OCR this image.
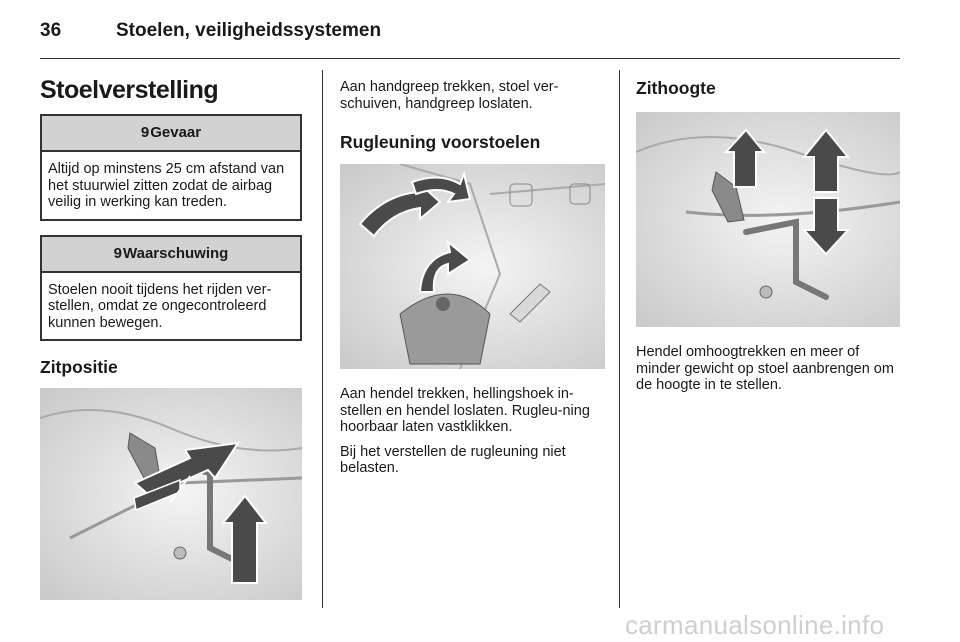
36	Stoelen, veiligheidssystemen
Stoelverstelling
9Gevaar
Altijd op minstens 25 cm afstand van het stuurwiel zitten zodat de airbag veilig in werking kan treden.
9Waarschuwing
Stoelen nooit tijdens het rijden ver-stellen, omdat ze ongecontroleerd kunnen bewegen.
Zitpositie

Aan handgreep trekken, stoel ver-schuiven, handgreep loslaten.

Rugleuning voorstoelen

Aan hendel trekken, hellingshoek in-stellen en hendel loslaten. Rugleu-ning hoorbaar laten vastklikken.

Bij het verstellen de rugleuning niet belasten.

Zithoogte

Hendel omhoogtrekken en meer of minder gewicht op stoel aanbrengen om de hoogte in te stellen.

carmanualsonline.info
